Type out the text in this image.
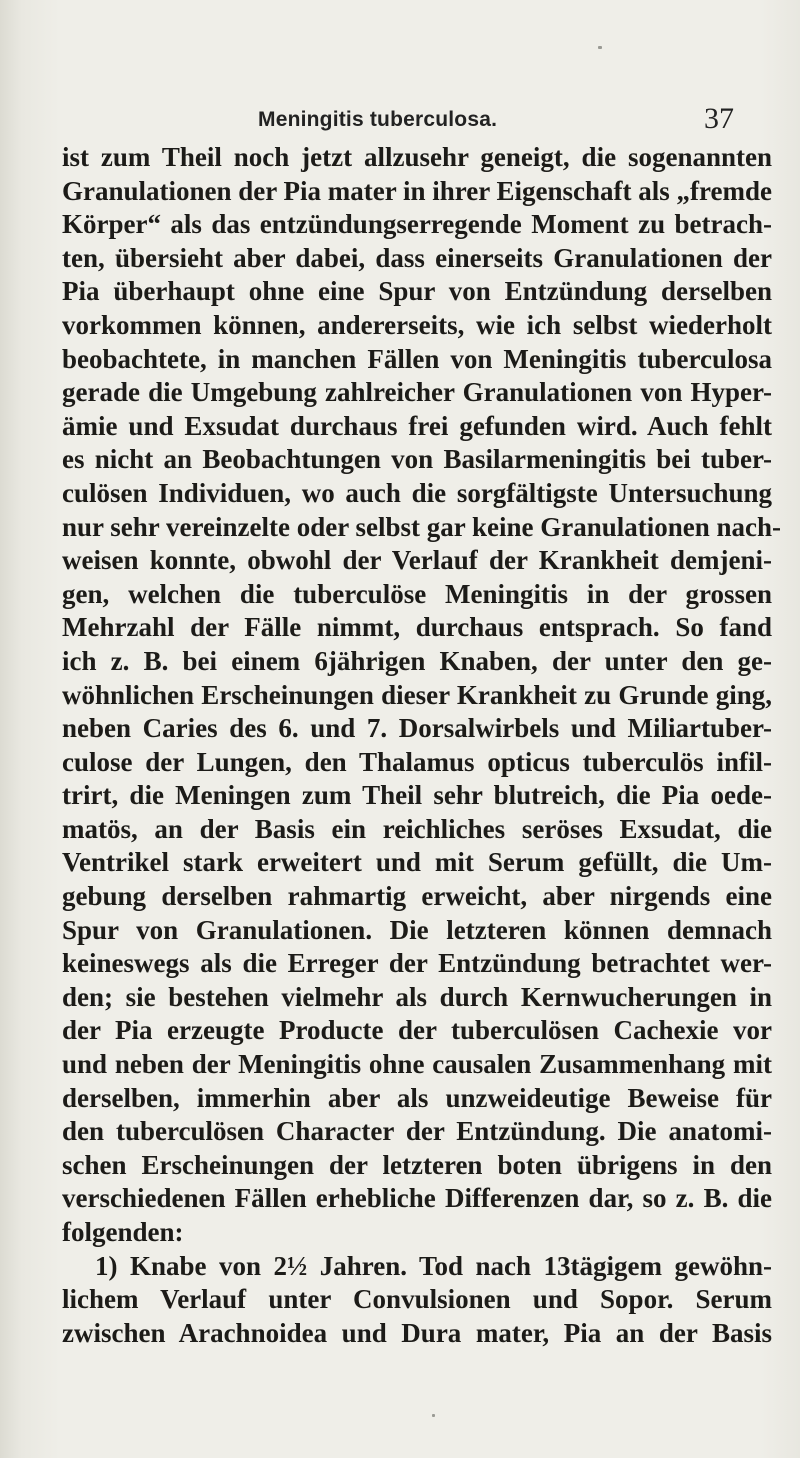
Meningitis tuberculosa.	37
ist zum Theil noch jetzt allzusehr geneigt, die sogenannten
Granulationen der Pia mater in ihrer Eigenschaft als „fremde
Körper“ als das entzündungserregende Moment zu betrach-
ten, übersieht aber dabei, dass einerseits Granulationen der
Pia überhaupt ohne eine Spur von Entzündung derselben
vorkommen können, andererseits, wie ich selbst wiederholt
beobachtete, in manchen Fällen von Meningitis tuberculosa
gerade die Umgebung zahlreicher Granulationen von Hyper-
ämie und Exsudat durchaus frei gefunden wird. Auch fehlt
es nicht an Beobachtungen von Basilarmeningitis bei tuber-
culösen Individuen, wo auch die sorgfältigste Untersuchung
nur sehr vereinzelte oder selbst gar keine Granulationen nach-
weisen konnte, obwohl der Verlauf der Krankheit demjeni-
gen, welchen die tuberculöse Meningitis in der grossen
Mehrzahl der Fälle nimmt, durchaus entsprach. So fand
ich z. B. bei einem 6jährigen Knaben, der unter den ge-
wöhnlichen Erscheinungen dieser Krankheit zu Grunde ging,
neben Caries des 6. und 7. Dorsalwirbels und Miliartuber-
culose der Lungen, den Thalamus opticus tuberculös infil-
trirt, die Meningen zum Theil sehr blutreich, die Pia oede-
matös, an der Basis ein reichliches seröses Exsudat, die
Ventrikel stark erweitert und mit Serum gefüllt, die Um-
gebung derselben rahmartig erweicht, aber nirgends eine
Spur von Granulationen. Die letzteren können demnach
keineswegs als die Erreger der Entzündung betrachtet wer-
den; sie bestehen vielmehr als durch Kernwucherungen in
der Pia erzeugte Producte der tuberculösen Cachexie vor
und neben der Meningitis ohne causalen Zusammenhang mit
derselben, immerhin aber als unzweideutige Beweise für
den tuberculösen Character der Entzündung. Die anatomi-
schen Erscheinungen der letzteren boten übrigens in den
verschiedenen Fällen erhebliche Differenzen dar, so z. B. die
folgenden:
1) Knabe von 2½ Jahren. Tod nach 13tägigem gewöhn-
lichem Verlauf unter Convulsionen und Sopor. Serum
zwischen Arachnoidea und Dura mater, Pia an der Basis
